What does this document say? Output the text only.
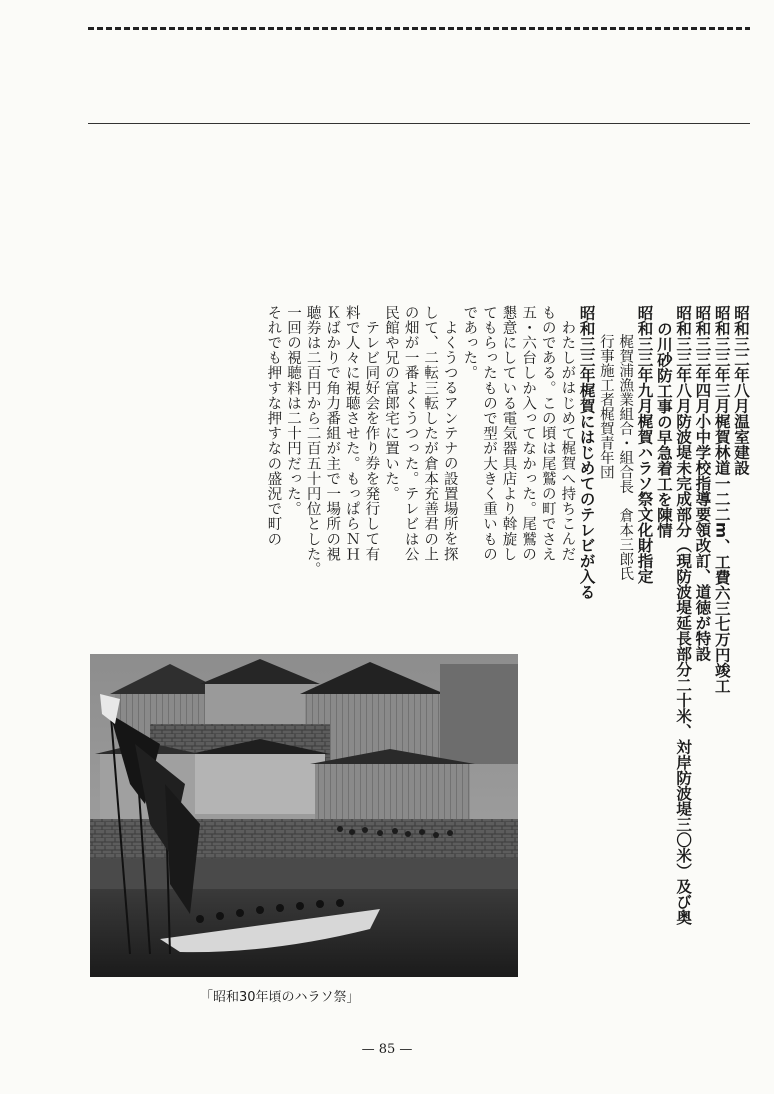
昭和三二年八月温室建設
昭和三三年三月梶賀林道一二二m、工費六三七万円竣工
昭和三三年四月小中学校指導要領改訂、道徳が特設
昭和三三年八月防波堤未完成部分（現防波堤延長部分二十米、対岸防波堤三〇米）及び奥
の川砂防工事の早急着工を陳情
昭和三三年九月梶賀ハラソ祭文化財指定
梶賀浦漁業組合・組合長　倉本三郎氏
行事施工者梶賀青年団
昭和三三年梶賀にはじめてのテレビが入る
わたしがはじめて梶賀へ持ちこんだ
ものである。この頃は尾鷲の町でさえ
五・六台しか入ってなかった。尾鷲の
懇意にしている電気器具店より斡旋し
てもらったもので型が大きく重いもの
であった。
よくうつるアンテナの設置場所を探
して、二転三転したが倉本充善君の上
の畑が一番よくうつった。テレビは公
民館や兄の富郎宅に置いた。
テレビ同好会を作り券を発行して有
料で人々に視聴させた。もっぱらＮＨ
Ｋばかりで角力番組が主で一場所の視
聴券は二百円から二百五十円位とした。
一回の視聴料は二十円だった。
それでも押すな押すなの盛況で町の
「昭和30年頃のハラソ祭」
— 85 —
